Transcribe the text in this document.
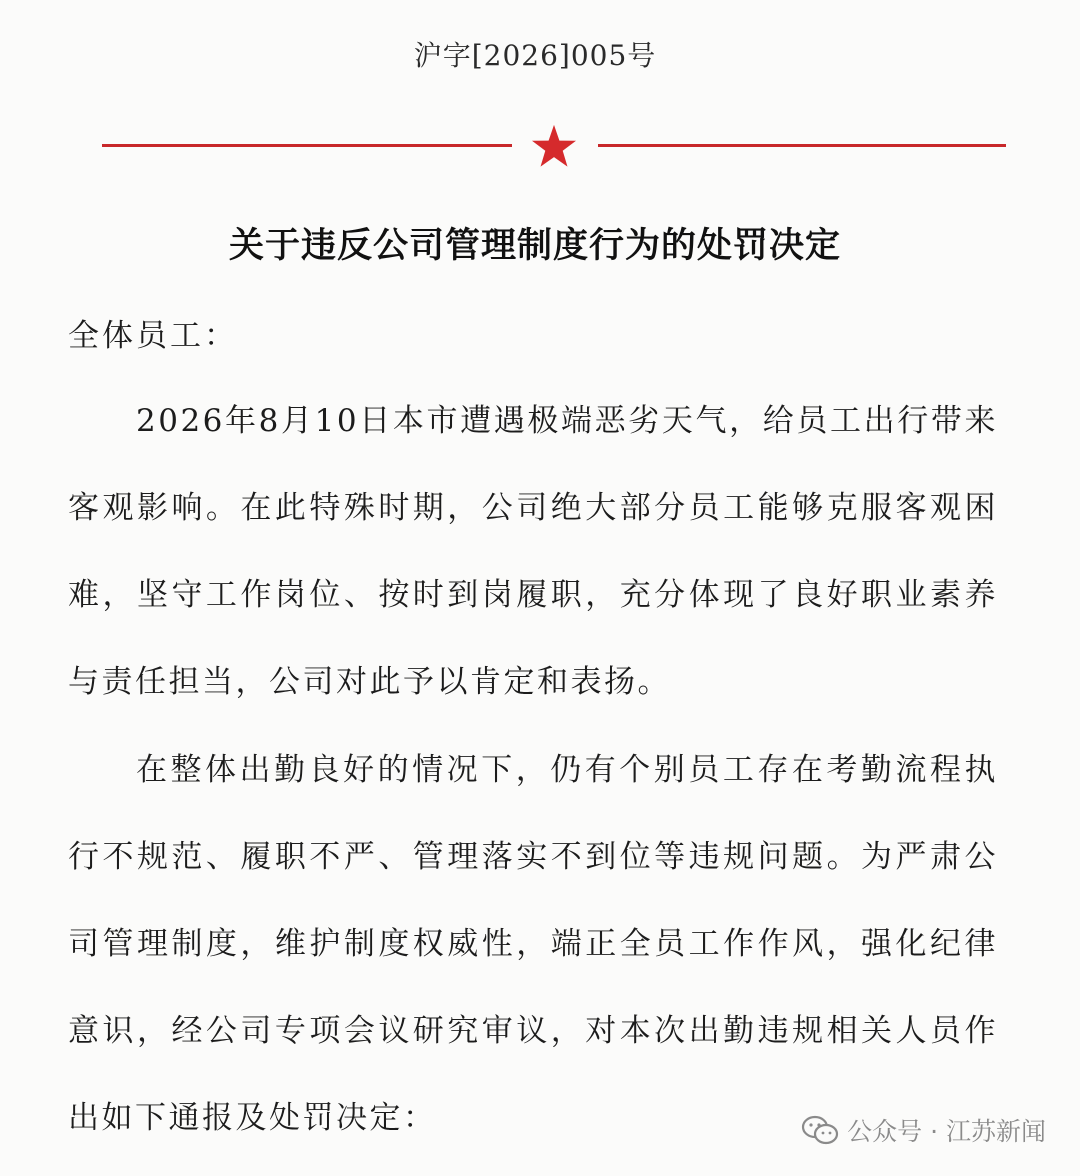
沪字[2026]005号
关于违反公司管理制度行为的处罚决定
全体员工：

2026年8月10日本市遭遇极端恶劣天气，给员工出行带来客观影响。在此特殊时期，公司绝大部分员工能够克服客观困难，坚守工作岗位、按时到岗履职，充分体现了良好职业素养与责任担当，公司对此予以肯定和表扬。

在整体出勤良好的情况下，仍有个别员工存在考勤流程执行不规范、履职不严、管理落实不到位等违规问题。为严肃公司管理制度，维护制度权威性，端正全员工作作风，强化纪律意识，经公司专项会议研究审议，对本次出勤违规相关人员作出如下通报及处罚决定：	公众号 · 江苏新闻
